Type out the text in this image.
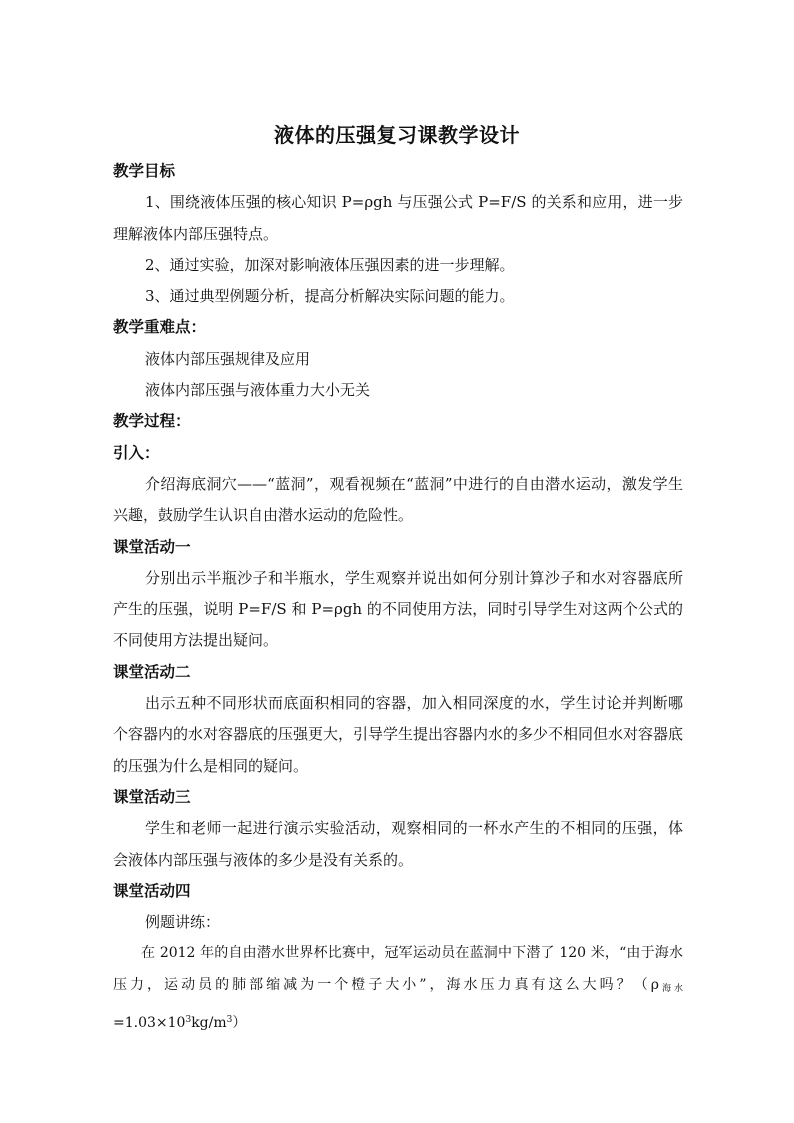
液体的压强复习课教学设计

教学目标

1、围绕液体压强的核心知识 P=ρgh 与压强公式 P=F/S 的关系和应用，进一步理解液体内部压强特点。

2、通过实验，加深对影响液体压强因素的进一步理解。

3、通过典型例题分析，提高分析解决实际问题的能力。

教学重难点：

液体内部压强规律及应用

液体内部压强与液体重力大小无关

教学过程：

引入：

介绍海底洞穴——“蓝洞”，观看视频在“蓝洞”中进行的自由潜水运动，激发学生兴趣，鼓励学生认识自由潜水运动的危险性。

课堂活动一

分别出示半瓶沙子和半瓶水，学生观察并说出如何分别计算沙子和水对容器底所产生的压强，说明 P=F/S 和 P=ρgh 的不同使用方法，同时引导学生对这两个公式的不同使用方法提出疑问。

课堂活动二

出示五种不同形状而底面积相同的容器，加入相同深度的水，学生讨论并判断哪个容器内的水对容器底的压强更大，引导学生提出容器内水的多少不相同但水对容器底的压强为什么是相同的疑问。

课堂活动三

学生和老师一起进行演示实验活动，观察相同的一杯水产生的不相同的压强，体会液体内部压强与液体的多少是没有关系的。

课堂活动四

例题讲练：

在 2012 年的自由潜水世界杯比赛中，冠军运动员在蓝洞中下潜了 120 米，“由于海水压力，运动员的肺部缩减为一个橙子大小”，海水压力真有这么大吗？$(\rho_{海水}=1.03\times 10^3kg/m^3)$
